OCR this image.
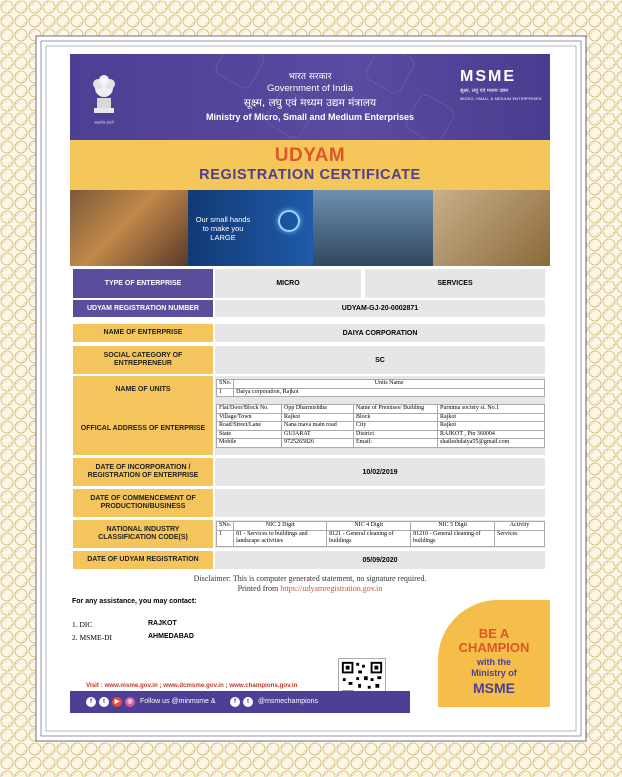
सत्यमेव जयते
भारत सरकार
Government of India
सूक्ष्म, लघु एवं मध्यम उद्यम मंत्रालय
Ministry of Micro, Small and Medium Enterprises
MSME
सूक्ष्म, लघु एवं मध्यम उद्यम
MICRO, SMALL & MEDIUM ENTERPRISES
UDYAM
REGISTRATION CERTIFICATE
Our small hands to make you LARGE
TYPE OF ENTERPRISE	MICRO	SERVICES
UDYAM REGISTRATION NUMBER	UDYAM-GJ-20-0002871
NAME OF ENTERPRISE	DAIYA CORPORATION
SOCIAL CATEGORY OF ENTREPRENEUR	SC
NAME OF UNITS
SNo.	Units Name
1	Daiya corporation, Rajkot
OFFICAL ADDRESS OF ENTERPRISE
Flat/Door/Block No.	Opp Dharmishtha	Name of Premises/ Building	Purnima society st. No.1
Village/Town	Rajkot	Block	Rajkot
Road/Street/Lane	Nana mava main road	City	Rajkot
State	GUJARAT	District	RAJKOT , Pin 360004
Mobile	9725265826	Email:	shaileshdaiya55@gmail.com
DATE OF INCORPORATION / REGISTRATION OF ENTERPRISE	10/02/2019
DATE OF COMMENCEMENT OF PRODUCTION/BUSINESS
NATIONAL INDUSTRY CLASSIFICATION CODE(S)
SNo.	NIC 2 Digit	NIC 4 Digit	NIC 5 Digit	Activity
1	81 - Services to buildings and landscape activities	8121 - General cleaning of buildings	81210 - General cleaning of buildings	Services
DATE OF UDYAM REGISTRATION	05/09/2020
Disclaimer: This is computer generated statement, no signature required.
Printed from https://udyamregistration.gov.in
For any assistance, you may contact:
1. DIC	RAJKOT
2. MSME-DI	AHMEDABAD	BE A
CHAMPION
with the
Ministry of
MSME
Visit : www.msme.gov.in ; www.dcmsme.gov.in ; www.champions.gov.in
f	t	▶	◎	Follow us @minmsme &	f	t	@msmechampions
